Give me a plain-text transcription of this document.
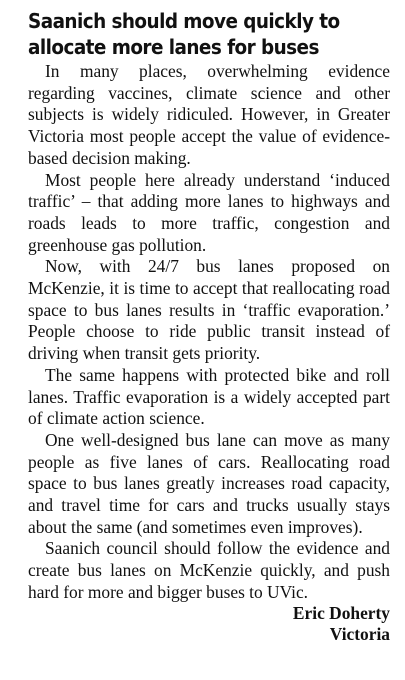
Saanich should move quickly to allocate more lanes for buses

In many places, overwhelming evidence regarding vaccines, climate science and other subjects is widely ridiculed. However, in Greater Victoria most people accept the value of evidence-based decision making.

Most people here already understand ‘induced traffic’ – that adding more lanes to highways and roads leads to more traffic, congestion and greenhouse gas pollution.

Now, with 24/7 bus lanes proposed on McKenzie, it is time to accept that reallocating road space to bus lanes results in ‘traffic evaporation.’ People choose to ride public transit instead of driving when transit gets priority.

The same happens with protected bike and roll lanes. Traffic evaporation is a widely accepted part of climate action science.

One well-designed bus lane can move as many people as five lanes of cars. Reallocating road space to bus lanes greatly increases road capacity, and travel time for cars and trucks usually stays about the same (and sometimes even improves).

Saanich council should follow the evidence and create bus lanes on McKenzie quickly, and push hard for more and bigger buses to UVic.

Eric Doherty
Victoria
